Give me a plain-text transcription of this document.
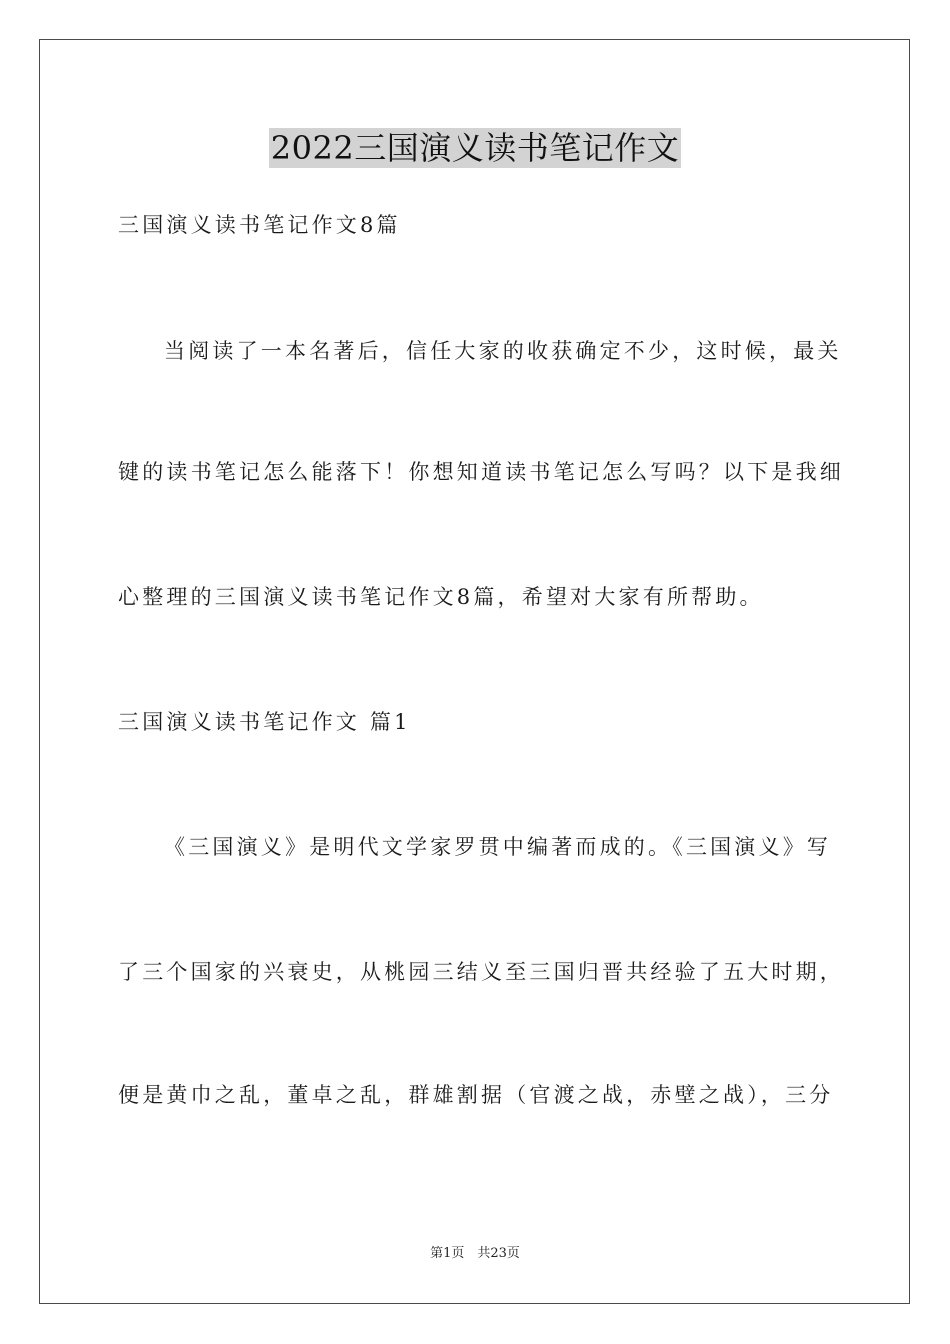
2022三国演义读书笔记作文
三国演义读书笔记作文8篇
当阅读了一本名著后，信任大家的收获确定不少，这时候，最关
键的读书笔记怎么能落下！你想知道读书笔记怎么写吗？以下是我细
心整理的三国演义读书笔记作文8篇，希望对大家有所帮助。
三国演义读书笔记作文 篇1
《三国演义》是明代文学家罗贯中编著而成的。《三国演义》写
了三个国家的兴衰史，从桃园三结义至三国归晋共经验了五大时期，
便是黄巾之乱，董卓之乱，群雄割据（官渡之战，赤壁之战），三分
第1页　共23页
